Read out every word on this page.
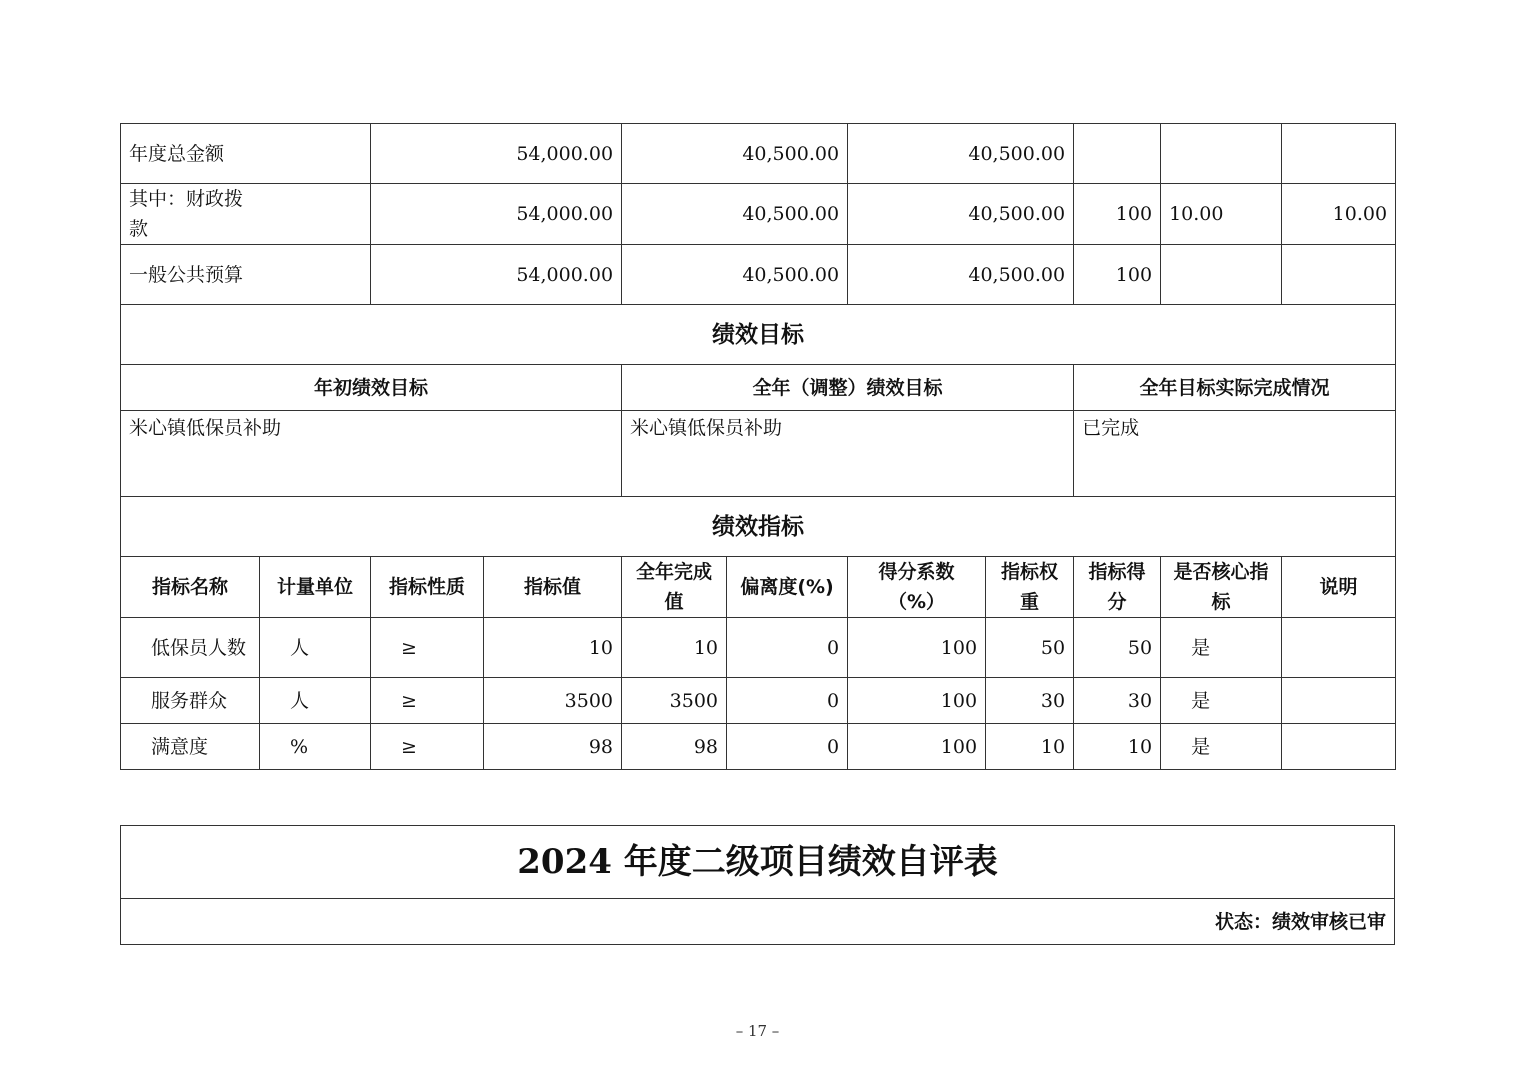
年度总金额		54,000.00		40,500.00		40,500.00				
其中：财政拨款		54,000.00		40,500.00		40,500.00		100	10.00	10.00
一般公共预算		54,000.00		40,500.00		40,500.00		100		
绩效目标										
年初绩效目标				全年（调整）绩效目标				全年目标实际完成情况		
米心镇低保员补助				米心镇低保员补助				已完成		
绩效指标										
指标名称	计量单位	指标性质	指标值	全年完成值	偏离度(%)	得分系数（%）	指标权重	指标得分	是否核心指标	说明
低保员人数	人	≥	10	10	0	100	50	50	是	
服务群众	人	≥	3500	3500	0	100	30	30	是	
满意度	%	≥	98	98	0	100	10	10	是	
2024 年度二级项目绩效自评表
状态：绩效审核已审
– 17 –
